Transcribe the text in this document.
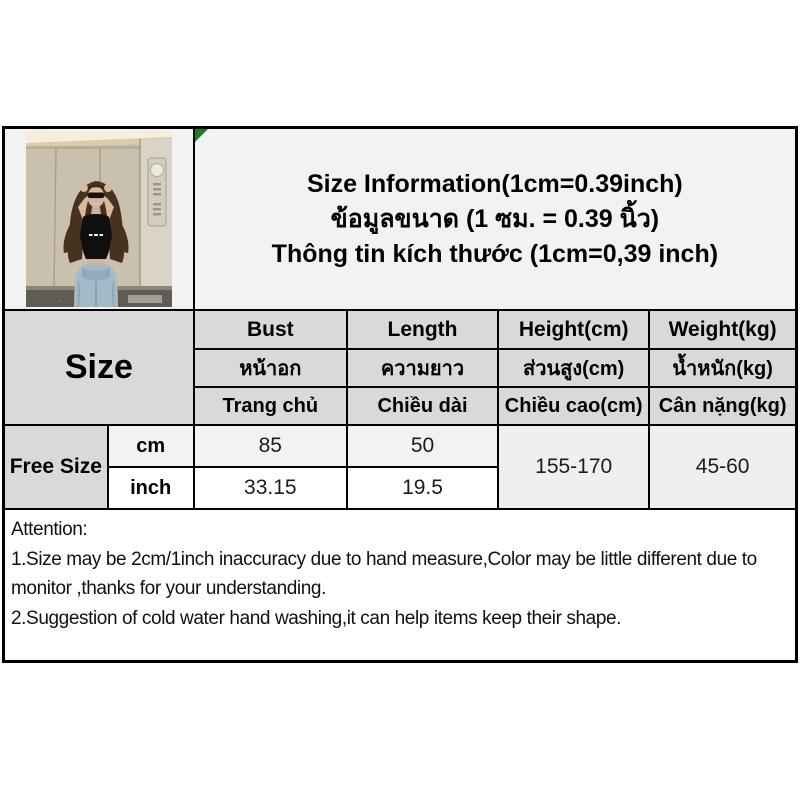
Size Information(1cm=0.39inch)
ข้อมูลขนาด (1 ซม. = 0.39 นิ้ว)
Thông tin kích thước (1cm=0,39 inch)			

Size		Bust	Length	Height(cm)	Weight(kg)
		หน้าอก	ความยาว	ส่วนสูง(cm)	น้ำหนัก(kg)
		Trang chủ	Chiều dài	Chiều cao(cm)	Cân nặng(kg)
Free Size	cm	85	50	155-170	45-60
	inch	33.15	19.5		

Attention:
1.Size may be 2cm/1inch inaccuracy due to hand measure,Color may be little different due to monitor ,thanks for your understanding.
2.Suggestion of cold water hand washing,it can help items keep their shape.					
